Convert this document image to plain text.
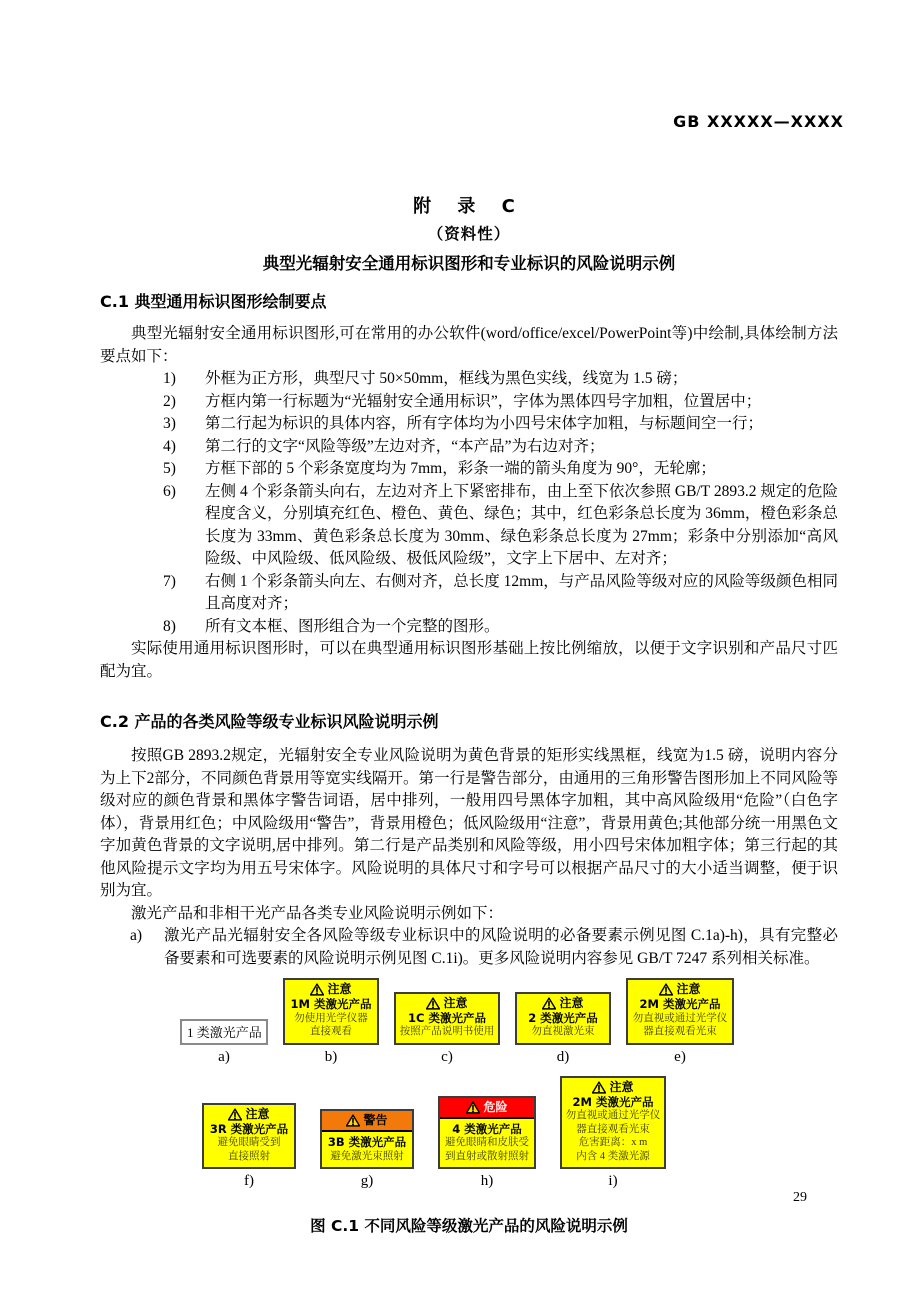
GB XXXXX—XXXX
附 录 C
（资料性）
典型光辐射安全通用标识图形和专业标识的风险说明示例
C.1 典型通用标识图形绘制要点

典型光辐射安全通用标识图形,可在常用的办公软件(word/office/excel/PowerPoint等)中绘制,具体绘制方法要点如下：

1) 外框为正方形，典型尺寸 50×50mm，框线为黑色实线，线宽为 1.5 磅；
2) 方框内第一行标题为“光辐射安全通用标识”，字体为黑体四号字加粗，位置居中；
3) 第二行起为标识的具体内容，所有字体均为小四号宋体字加粗，与标题间空一行；
4) 第二行的文字“风险等级”左边对齐，“本产品”为右边对齐；
5) 方框下部的 5 个彩条宽度均为 7mm，彩条一端的箭头角度为 90°，无轮廓；
6) 左侧 4 个彩条箭头向右，左边对齐上下紧密排布，由上至下依次参照 GB/T 2893.2 规定的危险程度含义，分别填充红色、橙色、黄色、绿色；其中，红色彩条总长度为 36mm，橙色彩条总长度为 33mm、黄色彩条总长度为 30mm、绿色彩条总长度为 27mm；彩条中分别添加“高风险级、中风险级、低风险级、极低风险级”，文字上下居中、左对齐；
7) 右侧 1 个彩条箭头向左、右侧对齐，总长度 12mm，与产品风险等级对应的风险等级颜色相同且高度对齐；
8) 所有文本框、图形组合为一个完整的图形。

实际使用通用标识图形时，可以在典型通用标识图形基础上按比例缩放，以便于文字识别和产品尺寸匹配为宜。

C.2 产品的各类风险等级专业标识风险说明示例

按照GB 2893.2规定，光辐射安全专业风险说明为黄色背景的矩形实线黑框，线宽为1.5 磅，说明内容分为上下2部分，不同颜色背景用等宽实线隔开。第一行是警告部分，由通用的三角形警告图形加上不同风险等级对应的颜色背景和黑体字警告词语，居中排列，一般用四号黑体字加粗，其中高风险级用“危险”（白色字体），背景用红色；中风险级用“警告”，背景用橙色；低风险级用“注意”，背景用黄色;其他部分统一用黑色文字加黄色背景的文字说明,居中排列。第二行是产品类别和风险等级，用小四号宋体加粗字体；第三行起的其他风险提示文字均为用五号宋体字。风险说明的具体尺寸和字号可以根据产品尺寸的大小适当调整，便于识别为宜。

激光产品和非相干光产品各类专业风险说明示例如下：

a) 激光产品光辐射安全各风险等级专业标识中的风险说明的必备要素示例见图 C.1a)-h)，具有完整必备要素和可选要素的风险说明示例见图 C.1i)。更多风险说明内容参见 GB/T 7247 系列相关标准。
1 类激光产品
a)
注意
1M 类激光产品
勿使用光学仪器
直接观看
b)
注意
1C 类激光产品
按照产品说明书使用
c)
注意
2 类激光产品
勿直视激光束
d)
注意
2M 类激光产品
勿直视或通过光学仪
器直接观看光束
e)
注意
3R 类激光产品
避免眼睛受到
直接照射
f)
警告
3B 类激光产品
避免激光束照射
g)
危险
4 类激光产品
避免眼睛和皮肤受
到直射或散射照射
h)
注意
2M 类激光产品
勿直视或通过光学仪
器直接观看光束
危害距离：x m
内含 4 类激光源
i)
图 C.1 不同风险等级激光产品的风险说明示例
29
